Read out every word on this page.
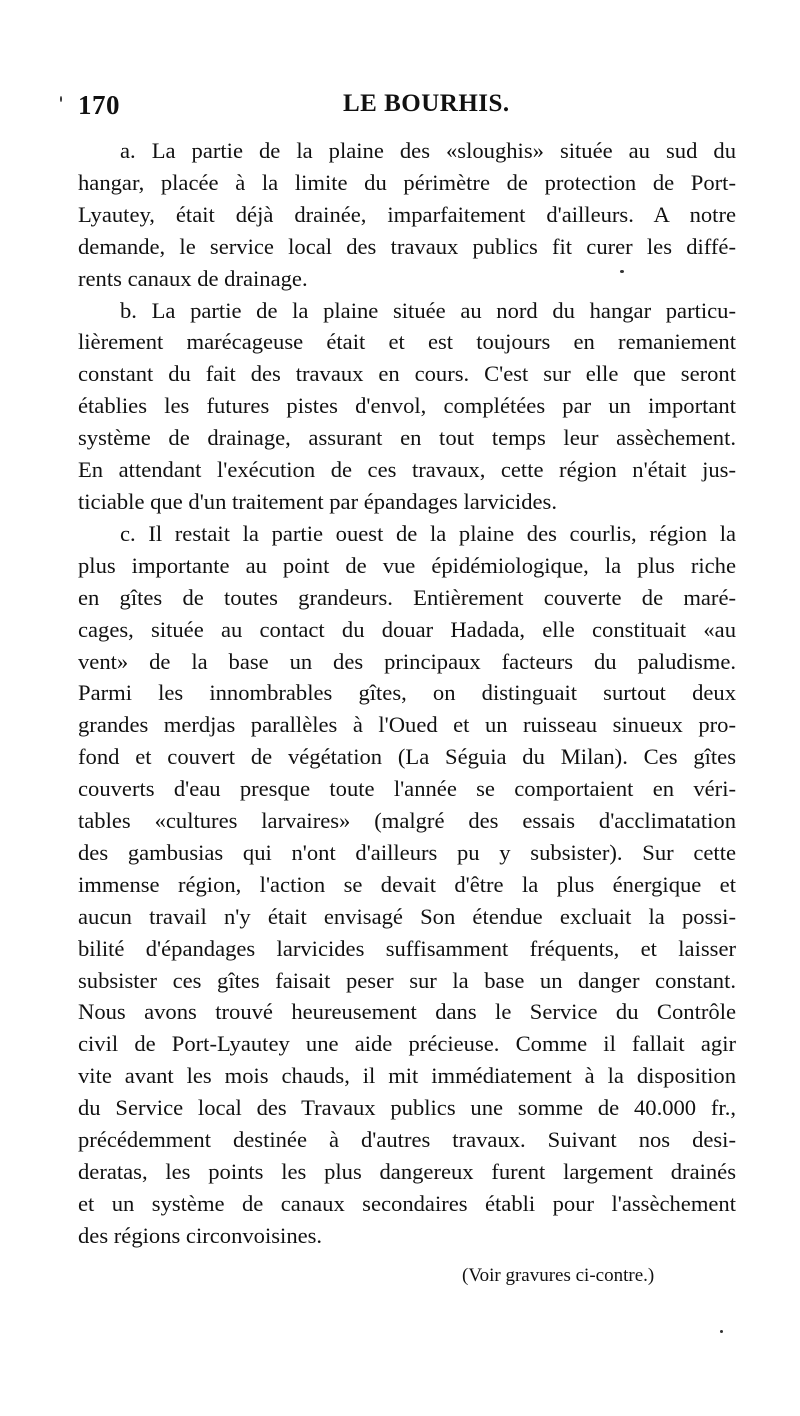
170	LE BOURHIS.
a. La partie de la plaine des «sloughis» située au sud du
hangar, placée à la limite du périmètre de protection de Port-
Lyautey, était déjà drainée, imparfaitement d'ailleurs. A notre
demande, le service local des travaux publics fit curer les diffé-
rents canaux de drainage.
b. La partie de la plaine située au nord du hangar particu-
lièrement marécageuse était et est toujours en remaniement
constant du fait des travaux en cours. C'est sur elle que seront
établies les futures pistes d'envol, complétées par un important
système de drainage, assurant en tout temps leur assèchement.
En attendant l'exécution de ces travaux, cette région n'était jus-
ticiable que d'un traitement par épandages larvicides.
c. Il restait la partie ouest de la plaine des courlis, région la
plus importante au point de vue épidémiologique, la plus riche
en gîtes de toutes grandeurs. Entièrement couverte de maré-
cages, située au contact du douar Hadada, elle constituait «au
vent» de la base un des principaux facteurs du paludisme.
Parmi les innombrables gîtes, on distinguait surtout deux
grandes merdjas parallèles à l'Oued et un ruisseau sinueux pro-
fond et couvert de végétation (La Séguia du Milan). Ces gîtes
couverts d'eau presque toute l'année se comportaient en véri-
tables «cultures larvaires» (malgré des essais d'acclimatation
des gambusias qui n'ont d'ailleurs pu y subsister). Sur cette
immense région, l'action se devait d'être la plus énergique et
aucun travail n'y était envisagé Son étendue excluait la possi-
bilité d'épandages larvicides suffisamment fréquents, et laisser
subsister ces gîtes faisait peser sur la base un danger constant.
Nous avons trouvé heureusement dans le Service du Contrôle
civil de Port-Lyautey une aide précieuse. Comme il fallait agir
vite avant les mois chauds, il mit immédiatement à la disposition
du Service local des Travaux publics une somme de 40.000 fr.,
précédemment destinée à d'autres travaux. Suivant nos desi-
deratas, les points les plus dangereux furent largement drainés
et un système de canaux secondaires établi pour l'assèchement
des régions circonvoisines.
(Voir gravures ci-contre.)
